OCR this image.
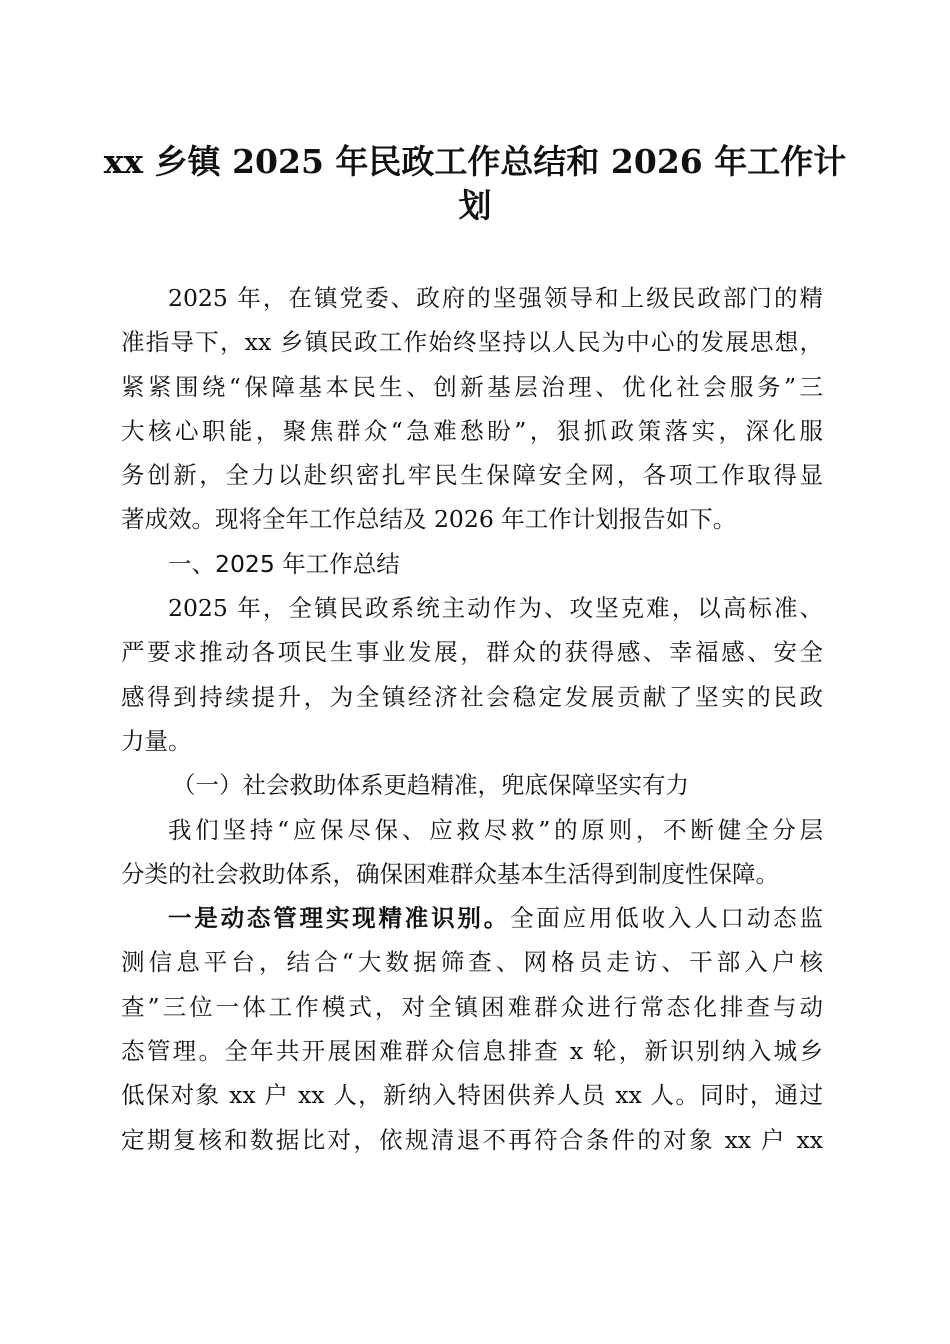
xx 乡镇 2025 年民政工作总结和 2026 年工作计
划
2025 年，在镇党委、政府的坚强领导和上级民政部门的精
准指导下，xx 乡镇民政工作始终坚持以人民为中心的发展思想，
紧紧围绕“保障基本民生、创新基层治理、优化社会服务”三
大核心职能，聚焦群众“急难愁盼”，狠抓政策落实，深化服
务创新，全力以赴织密扎牢民生保障安全网，各项工作取得显
著成效。现将全年工作总结及 2026 年工作计划报告如下。
一、2025 年工作总结
2025 年，全镇民政系统主动作为、攻坚克难，以高标准、
严要求推动各项民生事业发展，群众的获得感、幸福感、安全
感得到持续提升，为全镇经济社会稳定发展贡献了坚实的民政
力量。
（一）社会救助体系更趋精准，兜底保障坚实有力
我们坚持“应保尽保、应救尽救”的原则，不断健全分层
分类的社会救助体系，确保困难群众基本生活得到制度性保障。
一是动态管理实现精准识别。全面应用低收入人口动态监
测信息平台，结合“大数据筛查、网格员走访、干部入户核
查”三位一体工作模式，对全镇困难群众进行常态化排查与动
态管理。全年共开展困难群众信息排查 x 轮，新识别纳入城乡
低保对象 xx 户 xx 人，新纳入特困供养人员 xx 人。同时，通过
定期复核和数据比对，依规清退不再符合条件的对象 xx 户 xx
